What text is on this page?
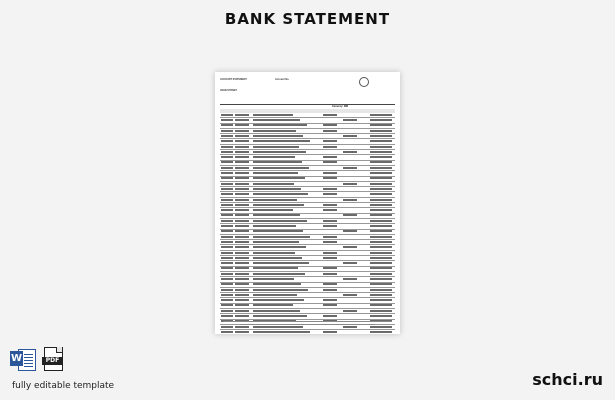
BANK STATEMENT
ACCOUNT STATEMENT
JOHN SYDNEY
Account No.
Currency: INR
W	PDF
fully editable template	schci.ru
